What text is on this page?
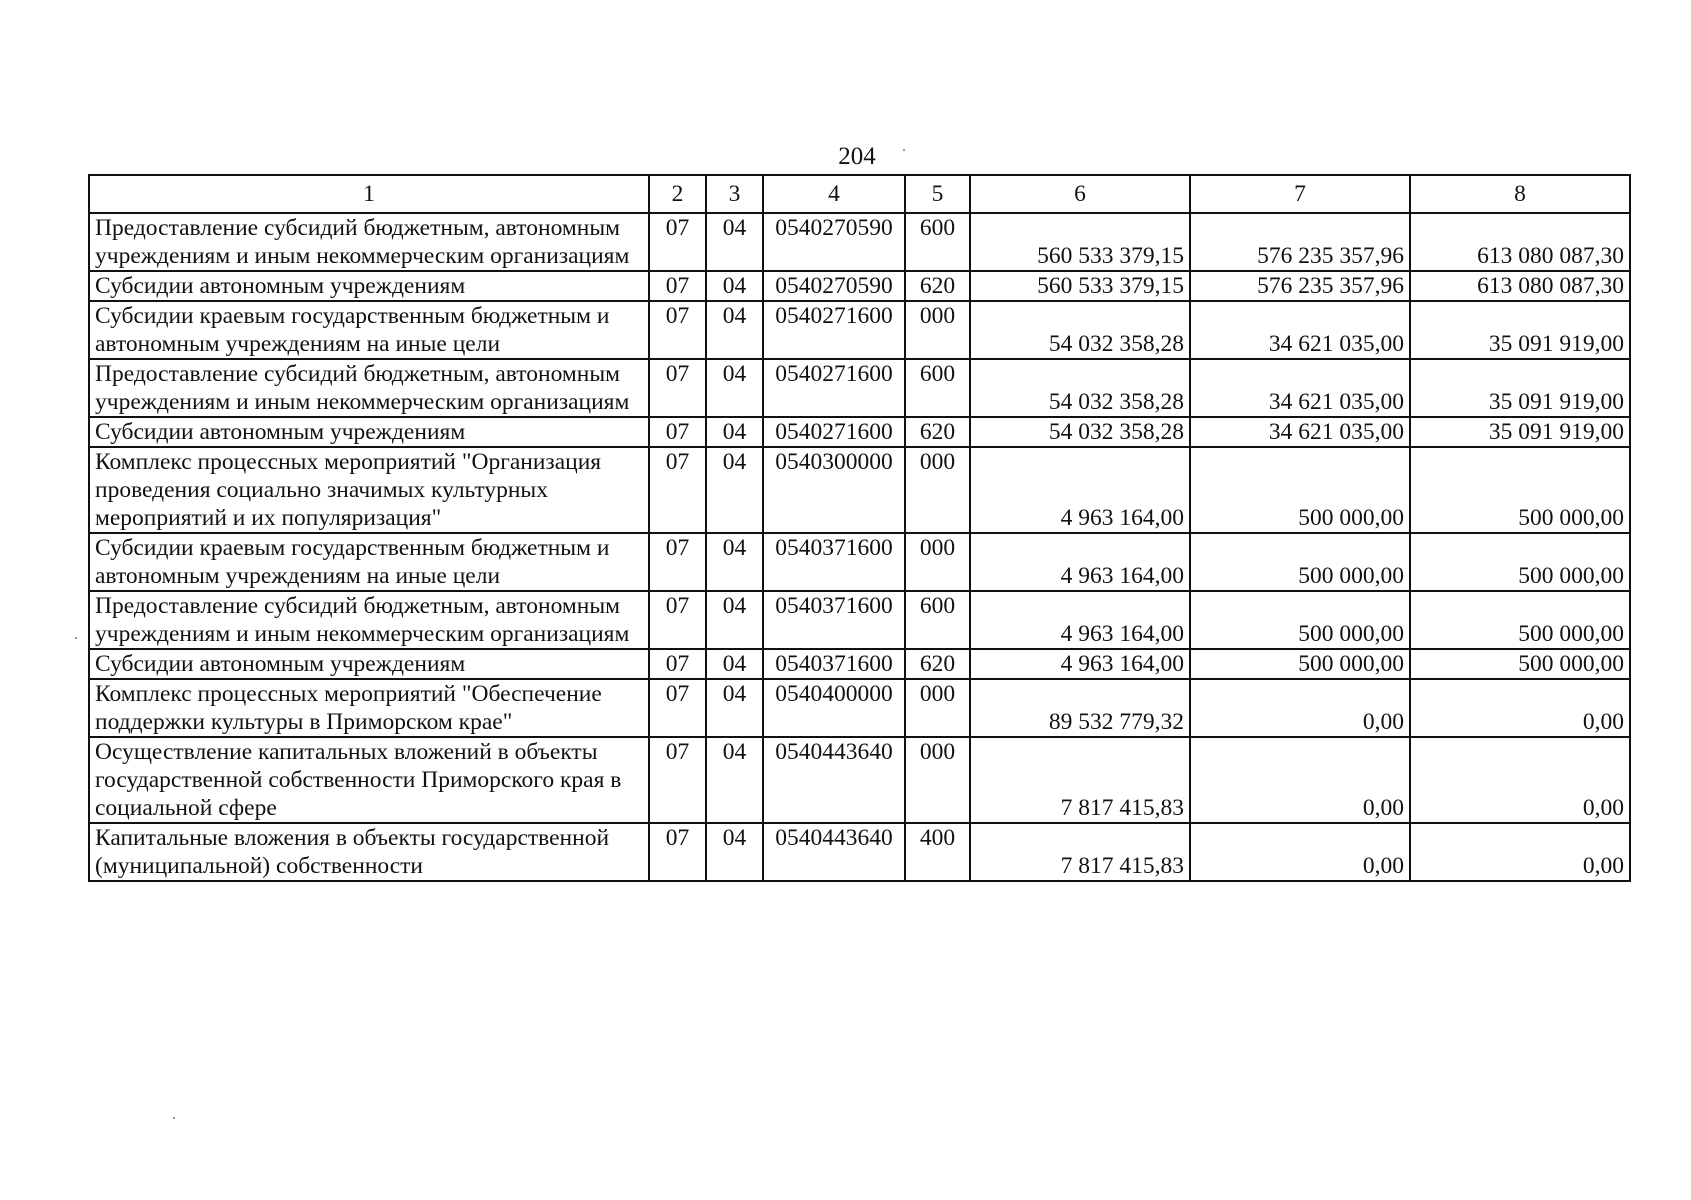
204
1	2	3	4	5	6	7	8
Предоставление субсидий бюджетным, автономным учреждениям и иным некоммерческим организациям	07	04	0540270590	600	560 533 379,15	576 235 357,96	613 080 087,30
Субсидии автономным учреждениям	07	04	0540270590	620	560 533 379,15	576 235 357,96	613 080 087,30
Субсидии краевым государственным бюджетным и автономным учреждениям на иные цели	07	04	0540271600	000	54 032 358,28	34 621 035,00	35 091 919,00
Предоставление субсидий бюджетным, автономным учреждениям и иным некоммерческим организациям	07	04	0540271600	600	54 032 358,28	34 621 035,00	35 091 919,00
Субсидии автономным учреждениям	07	04	0540271600	620	54 032 358,28	34 621 035,00	35 091 919,00
Комплекс процессных мероприятий "Организация проведения социально значимых культурных мероприятий и их популяризация"	07	04	0540300000	000	4 963 164,00	500 000,00	500 000,00
Субсидии краевым государственным бюджетным и автономным учреждениям на иные цели	07	04	0540371600	000	4 963 164,00	500 000,00	500 000,00
Предоставление субсидий бюджетным, автономным учреждениям и иным некоммерческим организациям	07	04	0540371600	600	4 963 164,00	500 000,00	500 000,00
Субсидии автономным учреждениям	07	04	0540371600	620	4 963 164,00	500 000,00	500 000,00
Комплекс процессных мероприятий "Обеспечение поддержки культуры в Приморском крае"	07	04	0540400000	000	89 532 779,32	0,00	0,00
Осуществление капитальных вложений в объекты государственной собственности Приморского края в социальной сфере	07	04	0540443640	000	7 817 415,83	0,00	0,00
Капитальные вложения в объекты государственной (муниципальной) собственности	07	04	0540443640	400	7 817 415,83	0,00	0,00
